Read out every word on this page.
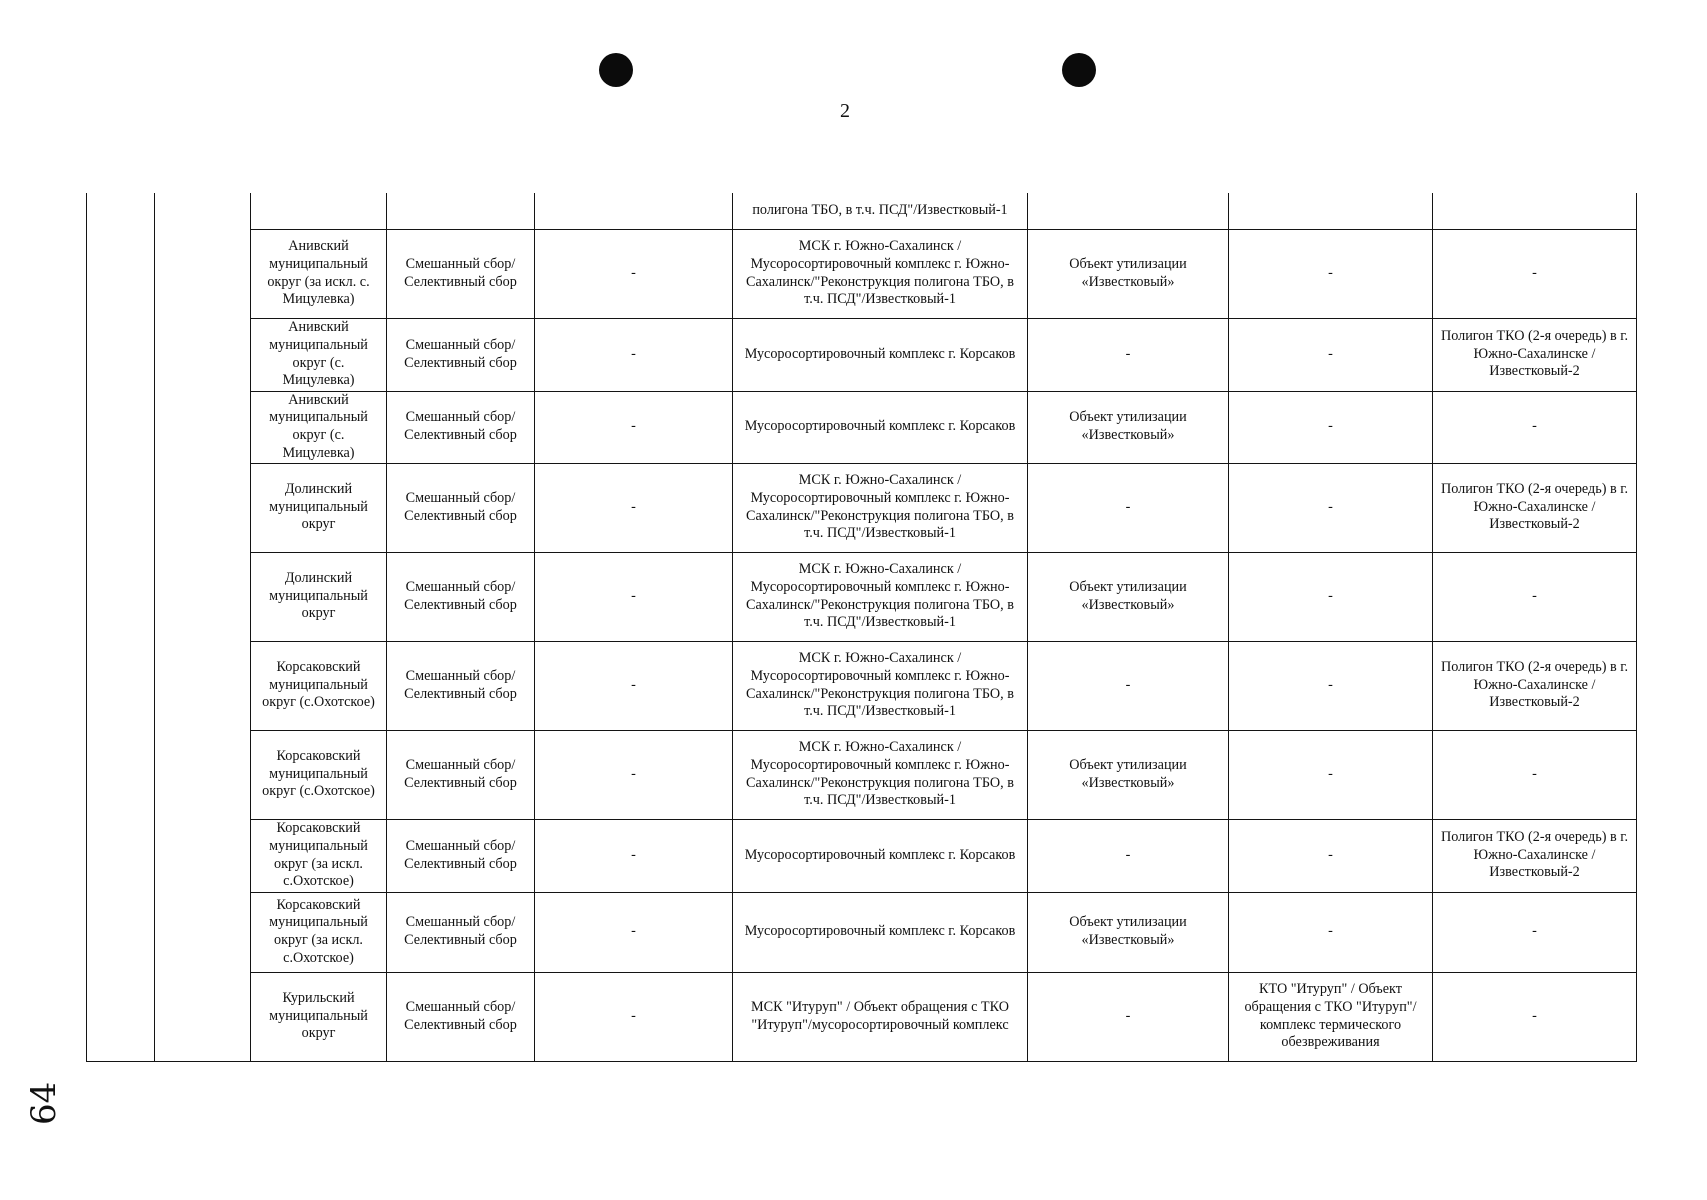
2
64
					полигона ТБО, в т.ч. ПСД"/Известковый-1			
		Анивский муниципальный округ (за искл. с. Мицулевка)	Смешанный сбор/ Селективный сбор	-	МСК г. Южно-Сахалинск / Мусоросортировочный комплекс г. Южно-Сахалинск/"Реконструкция полигона ТБО, в т.ч. ПСД"/Известковый-1	Объект утилизации «Известковый»	-	-
		Анивский муниципальный округ (с. Мицулевка)	Смешанный сбор/ Селективный сбор	-	Мусоросортировочный комплекс г. Корсаков	-	-	Полигон ТКО (2-я очередь) в г. Южно-Сахалинске / Известковый-2
		Анивский муниципальный округ (с. Мицулевка)	Смешанный сбор/ Селективный сбор	-	Мусоросортировочный комплекс г. Корсаков	Объект утилизации «Известковый»	-	-
		Долинский муниципальный округ	Смешанный сбор/ Селективный сбор	-	МСК г. Южно-Сахалинск / Мусоросортировочный комплекс г. Южно-Сахалинск/"Реконструкция полигона ТБО, в т.ч. ПСД"/Известковый-1	-	-	Полигон ТКО (2-я очередь) в г. Южно-Сахалинске / Известковый-2
		Долинский муниципальный округ	Смешанный сбор/ Селективный сбор	-	МСК г. Южно-Сахалинск / Мусоросортировочный комплекс г. Южно-Сахалинск/"Реконструкция полигона ТБО, в т.ч. ПСД"/Известковый-1	Объект утилизации «Известковый»	-	-
		Корсаковский муниципальный округ (с.Охотское)	Смешанный сбор/ Селективный сбор	-	МСК г. Южно-Сахалинск / Мусоросортировочный комплекс г. Южно-Сахалинск/"Реконструкция полигона ТБО, в т.ч. ПСД"/Известковый-1	-	-	Полигон ТКО (2-я очередь) в г. Южно-Сахалинске / Известковый-2
		Корсаковский муниципальный округ (с.Охотское)	Смешанный сбор/ Селективный сбор	-	МСК г. Южно-Сахалинск / Мусоросортировочный комплекс г. Южно-Сахалинск/"Реконструкция полигона ТБО, в т.ч. ПСД"/Известковый-1	Объект утилизации «Известковый»	-	-
		Корсаковский муниципальный округ (за искл. с.Охотское)	Смешанный сбор/ Селективный сбор	-	Мусоросортировочный комплекс г. Корсаков	-	-	Полигон ТКО (2-я очередь) в г. Южно-Сахалинске / Известковый-2
		Корсаковский муниципальный округ (за искл. с.Охотское)	Смешанный сбор/ Селективный сбор	-	Мусоросортировочный комплекс г. Корсаков	Объект утилизации «Известковый»	-	-
		Курильский муниципальный округ	Смешанный сбор/ Селективный сбор	-	МСК "Итуруп" / Объект обращения с ТКО "Итуруп"/мусоросортировочный комплекс	-	КТО "Итуруп" / Объект обращения с ТКО "Итуруп"/комплекс термического обезвреживания	-
